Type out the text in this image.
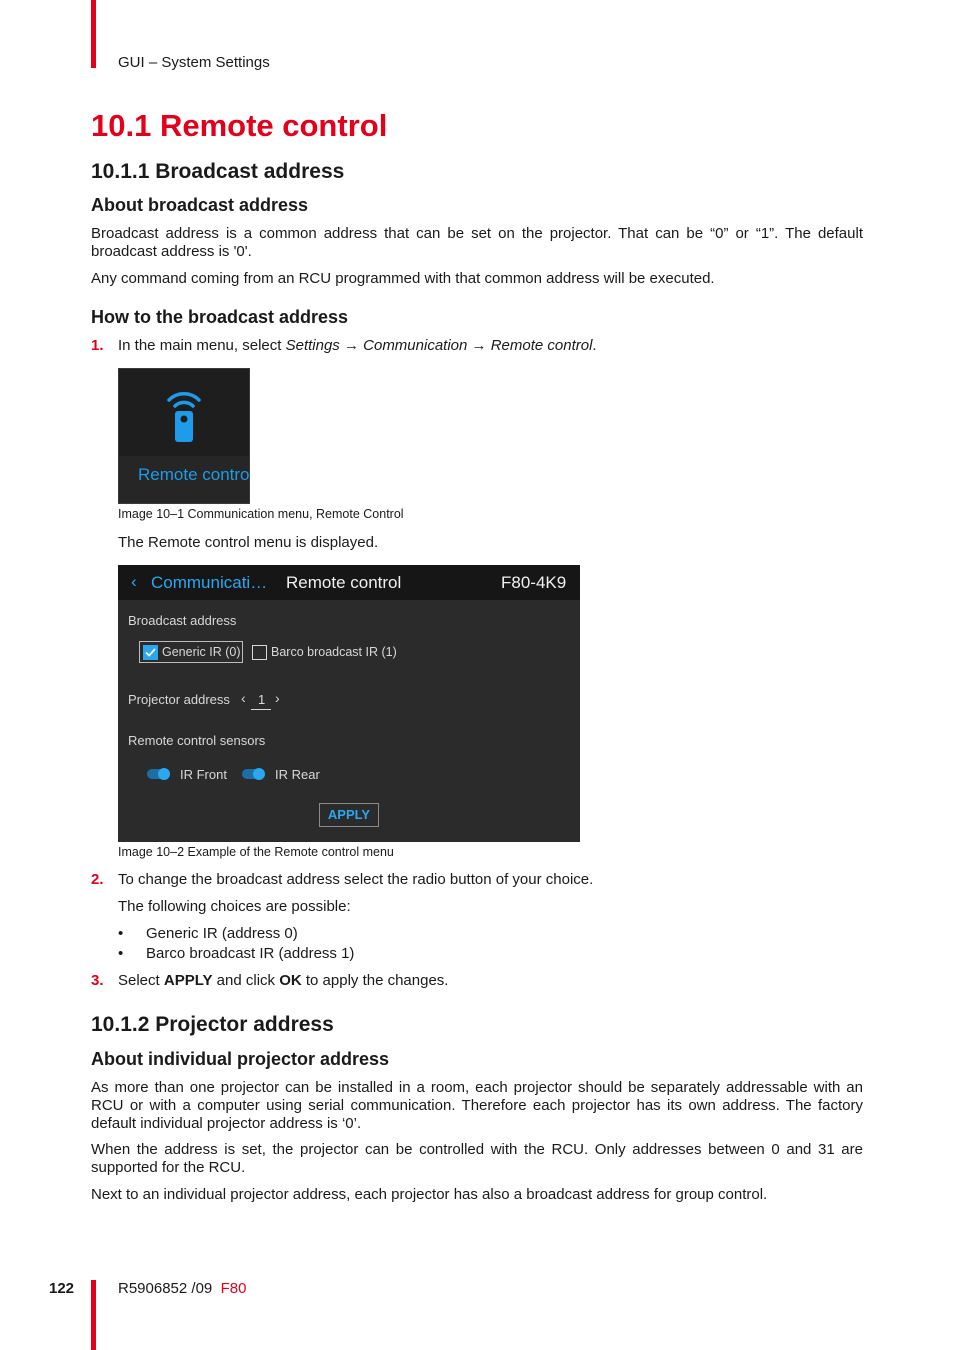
GUI – System Settings
10.1 Remote control
10.1.1 Broadcast address
About broadcast address

Broadcast address is a common address that can be set on the projector. That can be “0” or “1”. The default broadcast address is '0'.

Any command coming from an RCU programmed with that common address will be executed.

How to the broadcast address
1. In the main menu, select Settings → Communication → Remote control.
Remote contro
Image 10–1 Communication menu, Remote Control
The Remote control menu is displayed.
‹ Communicati… Remote control	F80-4K9
Broadcast address
Generic IR (0) Barco broadcast IR (1)
Projector address ‹ 1 ›
Remote control sensors
IR Front	IR Rear
APPLY
Image 10–2 Example of the Remote control menu
2. To change the broadcast address select the radio button of your choice.
The following choices are possible:
• Generic IR (address 0)
• Barco broadcast IR (address 1)
3. Select APPLY and click OK to apply the changes.
10.1.2 Projector address
About individual projector address

As more than one projector can be installed in a room, each projector should be separately addressable with an RCU or with a computer using serial communication. Therefore each projector has its own address. The factory default individual projector address is ‘0’.

When the address is set, the projector can be controlled with the RCU. Only addresses between 0 and 31 are supported for the RCU.

Next to an individual projector address, each projector has also a broadcast address for group control.

122	R5906852 /09 F80
